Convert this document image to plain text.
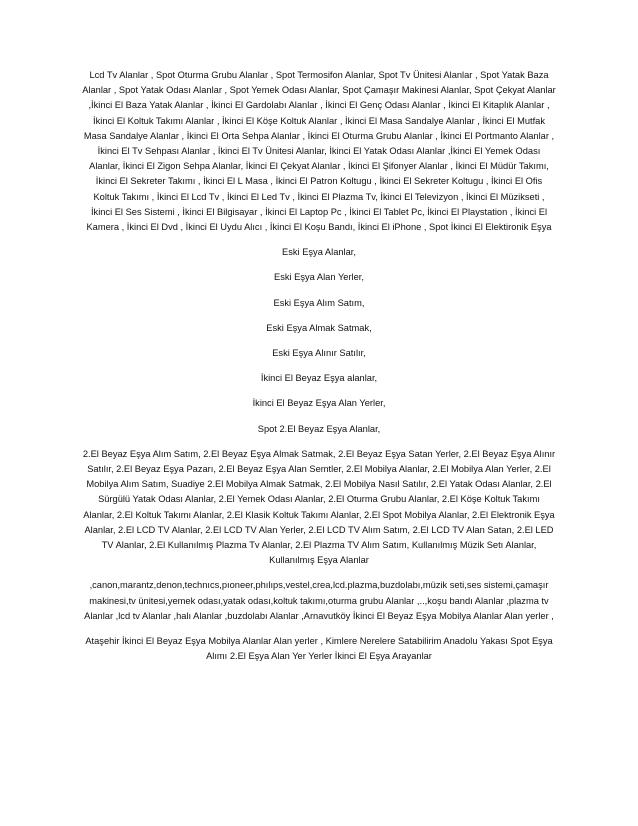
Lcd Tv Alanlar , Spot Oturma Grubu Alanlar , Spot Termosifon Alanlar, Spot Tv Ünitesi Alanlar , Spot Yatak Baza Alanlar , Spot Yatak Odası Alanlar , Spot Yemek Odası Alanlar, Spot Çamaşır Makinesi Alanlar, Spot Çekyat Alanlar ,İkinci El Baza Yatak Alanlar , İkinci El Gardolabı Alanlar , İkinci El Genç Odası Alanlar , İkinci El Kitaplık Alanlar , İkinci El Koltuk Takımı Alanlar , İkinci El Köşe Koltuk Alanlar , İkinci El Masa Sandalye Alanlar , İkinci El Mutfak Masa Sandalye Alanlar , İkinci El Orta Sehpa Alanlar , İkinci El Oturma Grubu Alanlar , İkinci El Portmanto Alanlar , İkinci El Tv Sehpası Alanlar , İkinci El Tv Ünitesi Alanlar, İkinci El Yatak Odası Alanlar ,İkinci El Yemek Odası Alanlar, İkinci El Zigon Sehpa Alanlar, İkinci El Çekyat Alanlar , İkinci El Şifonyer Alanlar , İkinci El Müdür Takımı, İkinci El Sekreter Takımı , İkinci El L Masa , İkinci El Patron Koltugu , İkinci El Sekreter Koltugu , İkinci El Ofis Koltuk Takımı , İkinci El Lcd Tv , İkinci El Led Tv , İkinci El Plazma Tv, İkinci El Televizyon , İkinci El Müzikseti , İkinci El Ses Sistemi , İkinci El Bilgisayar , İkinci El Laptop Pc , İkinci El Tablet Pc, İkinci El Playstation , İkinci El Kamera , İkinci El Dvd , İkinci El Uydu Alıcı , İkinci El Koşu Bandı, İkinci El iPhone , Spot İkinci El Elektironik Eşya

Eski Eşya Alanlar,

Eski Eşya Alan Yerler,

Eski Eşya Alım Satım,

Eski Eşya Almak Satmak,

Eski Eşya Alınır Satılır,

İkinci El Beyaz Eşya alanlar,

İkinci El Beyaz Eşya Alan Yerler,

Spot 2.El Beyaz Eşya Alanlar,

2.El Beyaz Eşya Alım Satım, 2.El Beyaz Eşya Almak Satmak, 2.El Beyaz Eşya Satan Yerler, 2.El Beyaz Eşya Alınır Satılır, 2.El Beyaz Eşya Pazarı, 2.El Beyaz Eşya Alan Semtler, 2.El Mobilya Alanlar, 2.El Mobilya Alan Yerler, 2.El Mobilya Alım Satım, Suadiye 2.El Mobilya Almak Satmak, 2.El Mobilya Nasıl Satılır, 2.El Yatak Odası Alanlar, 2.El Sürgülü Yatak Odası Alanlar, 2.El Yemek Odası Alanlar, 2.El Oturma Grubu Alanlar, 2.El Köşe Koltuk Takımı Alanlar, 2.El Koltuk Takımı Alanlar, 2.El Klasik Koltuk Takımı Alanlar, 2.El Spot Mobilya Alanlar, 2.El Elektronik Eşya Alanlar, 2.El LCD TV Alanlar, 2.El LCD TV Alan Yerler, 2.El LCD TV Alım Satım, 2.El LCD TV Alan Satan, 2.El LED TV Alanlar, 2.El Kullanılmış Plazma Tv Alanlar, 2.El Plazma TV Alım Satım, Kullanılmış Müzik Setı Alanlar, Kullanılmış Eşya Alanlar

,canon,marantz,denon,technıcs,pıoneer,phılıps,vestel,crea,lcd.plazma,buzdolabı,müzik seti,ses sistemi,çamaşır makinesi,tv ünitesi,yemek odası,yatak odası,koltuk takımı,oturma grubu Alanlar ,..,koşu bandı Alanlar ,plazma tv Alanlar ,lcd tv Alanlar ,halı Alanlar ,buzdolabı Alanlar ,Arnavutköy İkinci El Beyaz Eşya Mobilya Alanlar Alan yerler ,

Ataşehir İkinci El Beyaz Eşya Mobilya Alanlar Alan yerler , Kimlere Nerelere Satabilirim Anadolu Yakası Spot Eşya Alımı 2.El Eşya Alan Yer Yerler İkinci El Eşya Arayanlar
